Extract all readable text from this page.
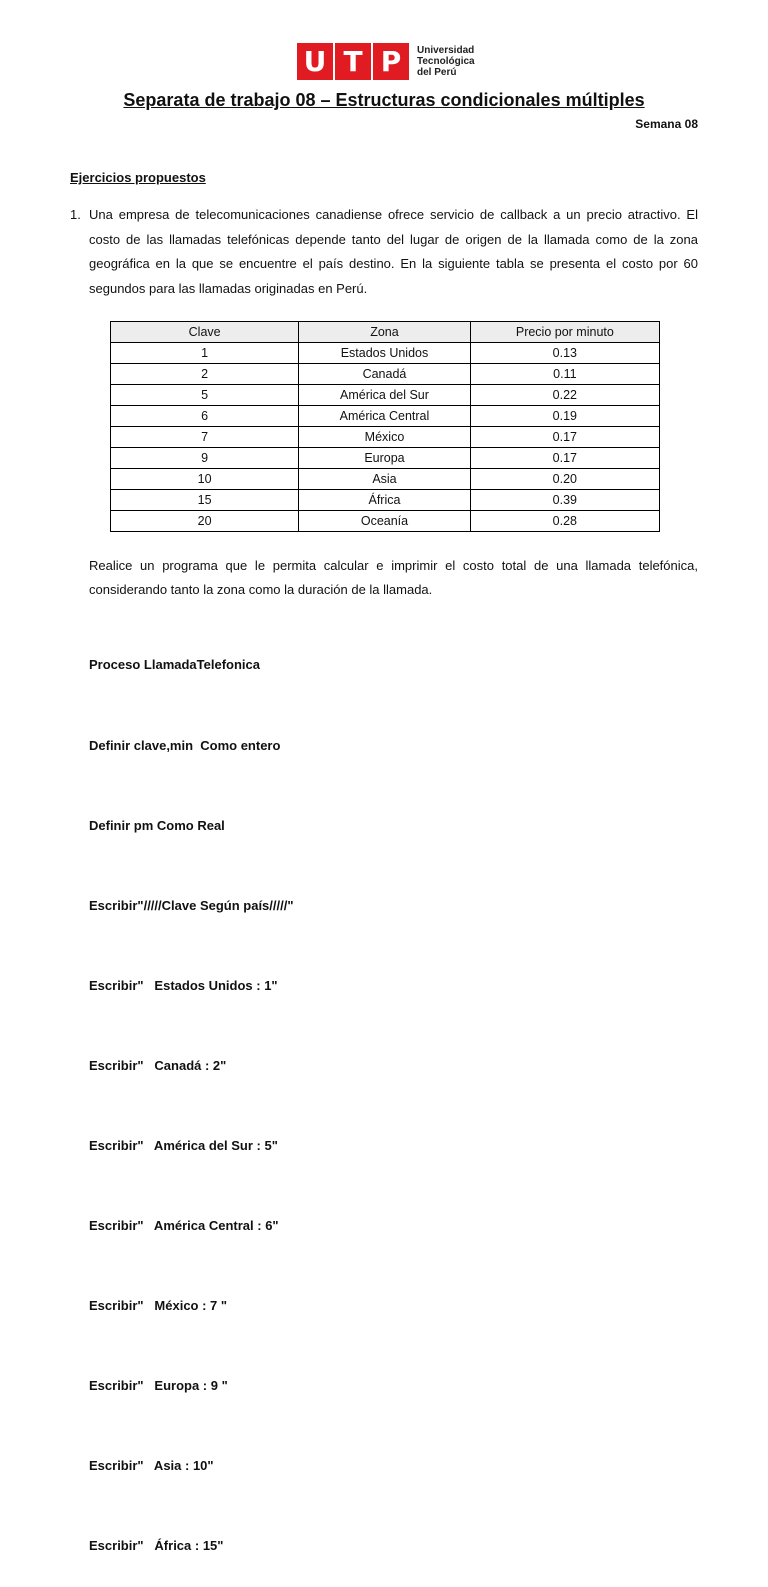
U T P	Universidad
Tecnológica
del Perú
Separata de trabajo 08 – Estructuras condicionales múltiples
Semana 08
Ejercicios propuestos
1. Una empresa de telecomunicaciones canadiense ofrece servicio de callback a un precio atractivo. El costo de las llamadas telefónicas depende tanto del lugar de origen de la llamada como de la zona geográfica en la que se encuentre el país destino. En la siguiente tabla se presenta el costo por 60 segundos para las llamadas originadas en Perú.
Clave	Zona	Precio por minuto
1	Estados Unidos	0.13
2	Canadá	0.11
5	América del Sur	0.22
6	América Central	0.19
7	México	0.17
9	Europa	0.17
10	Asia	0.20
15	África	0.39
20	Oceanía	0.28
Realice un programa que le permita calcular e imprimir el costo total de una llamada telefónica, considerando tanto la zona como la duración de la llamada.

Proceso LlamadaTelefonica

Definir clave,min  Como entero

Definir pm Como Real

Escribir"/////Clave Según país/////"

Escribir"   Estados Unidos : 1"

Escribir"   Canadá : 2"

Escribir"   América del Sur : 5"

Escribir"   América Central : 6"

Escribir"   México : 7 "

Escribir"   Europa : 9 "

Escribir"   Asia : 10"

Escribir"   África : 15"
